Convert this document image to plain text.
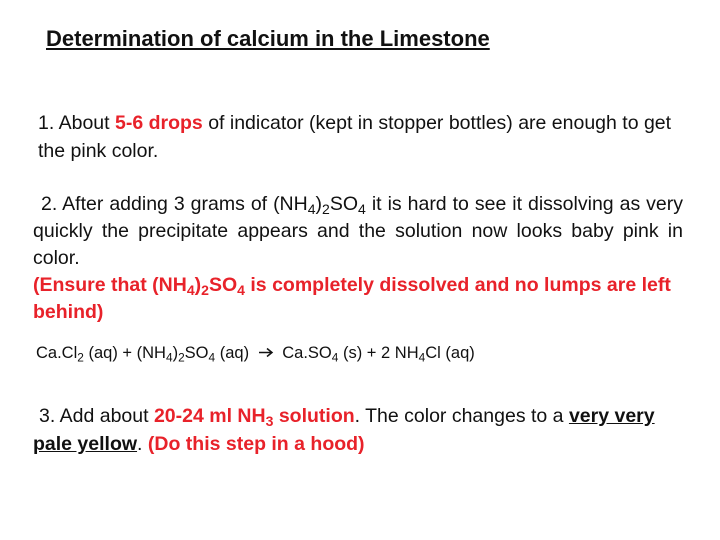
Determination of calcium in the Limestone
1. About 5-6 drops of indicator (kept in stopper bottles) are enough to get the pink color.
2. After adding 3 grams of $(NH_4)_2SO_4$ it is hard to see it dissolving as very quickly the precipitate appears and the solution now looks baby pink in color.
(Ensure that $(NH_4)_2SO_4$ is completely dissolved and no lumps are left behind)
$Ca.Cl_2$ $(aq) + (NH_4)_2SO_4$ (aq) $Ca.SO_4$ (s) + 2 $NH_4Cl$ (aq)
3. Add about 20-24 ml $NH_3$ solution. The color changes to a very very pale yellow. (Do this step in a hood)
